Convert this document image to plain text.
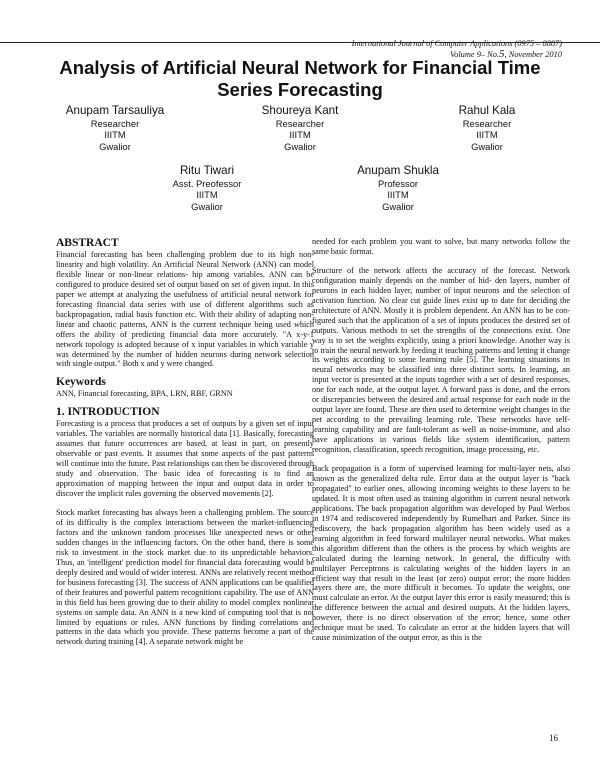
International Journal of Computer Applications (0975 – 8887)
Volume 9– No.5, November 2010
Analysis of Artificial Neural Network for Financial Time Series Forecasting
Anupam Tarsauliya
Researcher
IIITM
Gwalior
Shoureya Kant
Researcher
IIITM
Gwalior
Rahul Kala
Researcher
IIITM
Gwalior
Ritu Tiwari
Asst. Preofessor
IIITM
Gwalior
Anupam Shukla
Professor
IIITM
Gwalior
ABSTRACT

Financial forecasting has been challenging problem due to its high non-linearity and high volatility. An Artificial Neural Network (ANN) can model flexible linear or non-linear relations- hip among variables. ANN can be configured to produce desired set of output based on set of given input. In this paper we attempt at analyzing the usefulness of artificial neural network for forecasting financial data series with use of different algorithms such as backpropagation, radial basis function etc. With their ability of adapting non-linear and chaotic patterns, ANN is the current technique being used which offers the ability of predicting financial data more accurately. "A x-y-1 network topology is adopted because of x input variables in which variable y was determined by the number of hidden neurons during network selection with single output." Both x and y were changed.

Keywords

ANN, Financial forecasting, BPA, LRN, RBF, GRNN

1. INTRODUCTION

Forecasting is a process that produces a set of outputs by a given set of input variables. The variables are normally historical data [1]. Basically, forecasting assumes that future occurrences are based, at least in part, on presently observable or past events. It assumes that some aspects of the past patterns will continue into the future. Past relationships can then be discovered through study and observation. The basic idea of forecasting is to find an approximation of mapping between the input and output data in order to discover the implicit rules governing the observed movements [2].

Stock market forecasting has always been a challenging problem. The source of its difficulty is the complex interactions between the market-influencing factors and the unknown random processes like unexpected news or other sudden changes in the influencing factors. On the other hand, there is some risk to investment in the stock market due to its unpredictable behaviors. Thus, an 'intelligent' prediction model for financial data forecasting would be deeply desired and would of wider interest. ANNs are relatively recent method for business forecasting [3]. The success of ANN applications can be qualified of their features and powerful pattern recognitions capability. The use of ANN in this field has been growing due to their ability to model complex nonlinear systems on sample data. An ANN is a new kind of computing tool that is not limited by equations or rules. ANN functions by finding correlations and patterns in the data which you provide. These patterns become a part of the network during training [4]. A separate network might be

needed for each problem you want to solve, but many networks follow the same basic format.

Structure of the network affects the accuracy of the forecast. Network configuration mainly depends on the number of hid- den layers, number of neurons in each hidden layer, number of input neurons and the selection of activation function. No clear cut guide lines exist up to date for deciding the architecture of ANN. Mostly it is problem dependent. An ANN has to be con- figured such that the application of a set of inputs produces the desired set of outputs. Various methods to set the strengths of the connections exist. One way is to set the weights explicitly, using a priori knowledge. Another way is to train the neural network by feeding it teaching patterns and letting it change its weights according to some learning rule [5]. The learning situations in neural networks may be classified into three distinct sorts. In learning, an input vector is presented at the inputs together with a set of desired responses, one for each node, at the output layer. A forward pass is done, and the errors or discrepancies between the desired and actual response for each node in the output layer are found. These are then used to determine weight changes in the net according to the prevailing learning rule. These networks have self-learning capability and are fault-tolerant as well as noise-immune, and also have applications in various fields like system identification, pattern recognition, classification, speech recognition, image processing, etc.

Back propagation is a form of supervised learning for multi-layer nets, also known as the generalized delta rule. Error data at the output layer is "back propagated" to earlier ones, allowing incoming weights to these layers to be updated. It is most often used as training algorithm in current neural network applications. The back propagation algorithm was developed by Paul Werbos in 1974 and rediscovered independently by Rumelhart and Parker. Since its rediscovery, the back propagation algorithm has been widely used as a learning algorithm in feed forward multilayer neural networks. What makes this algorithm different than the others is the process by which weights are calculated during the learning network. In general, the difficulty with multilayer Perceptrons is calculating weights of the hidden layers in an efficient way that result in the least (or zero) output error; the more hidden layers there are, the more difficult it becomes. To update the weights, one must calculate an error. At the output layer this error is easily measured; this is the difference between the actual and desired outputs. At the hidden layers, however, there is no direct observation of the error; hence, some other technique must be used. To calculate an error at the hidden layers that will cause minimization of the output error, as this is the

16
